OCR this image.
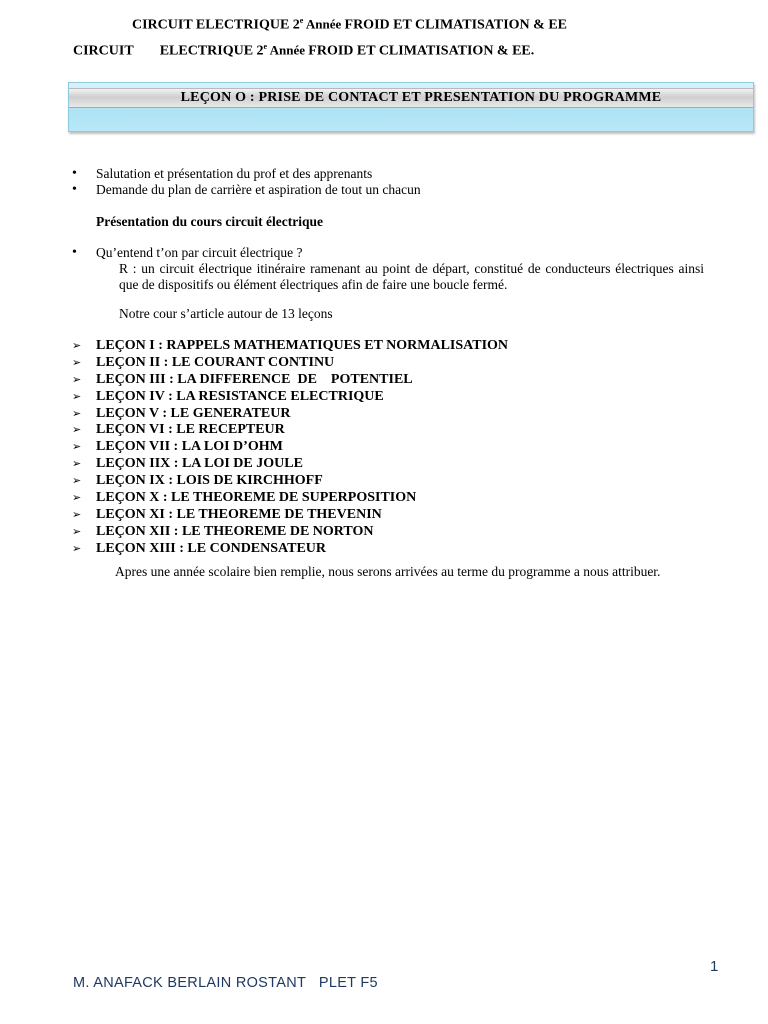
CIRCUIT ELECTRIQUE 2e Année FROID ET CLIMATISATION & EE
CIRCUIT ELECTRIQUE 2e Année FROID ET CLIMATISATION & EE.
LEÇON O : PRISE DE CONTACT ET PRESENTATION DU PROGRAMME
• Salutation et présentation du prof et des apprenants
• Demande du plan de carrière et aspiration de tout un chacun
Présentation du cours circuit électrique
• Qu’entend t’on par circuit électrique ?
R : un circuit électrique itinéraire ramenant au point de départ, constitué de conducteurs électriques ainsi que de dispositifs ou élément électriques afin de faire une boucle fermé.
Notre cour s’article autour de 13 leçons
➢ LEÇON I : RAPPELS MATHEMATIQUES ET NORMALISATION
➢ LEÇON II : LE COURANT CONTINU
➢ LEÇON III : LA DIFFERENCE  DE    POTENTIEL
➢ LEÇON IV : LA RESISTANCE ELECTRIQUE
➢ LEÇON V : LE GENERATEUR
➢ LEÇON VI : LE RECEPTEUR
➢ LEÇON VII : LA LOI D’OHM
➢ LEÇON IIX : LA LOI DE JOULE
➢ LEÇON IX : LOIS DE KIRCHHOFF
➢ LEÇON X : LE THEOREME DE SUPERPOSITION
➢ LEÇON XI : LE THEOREME DE THEVENIN
➢ LEÇON XII : LE THEOREME DE NORTON
➢ LEÇON XIII : LE CONDENSATEUR
Apres une année scolaire bien remplie, nous serons arrivées au terme du programme a nous attribuer.
1
M. ANAFACK BERLAIN ROSTANT   PLET F5
